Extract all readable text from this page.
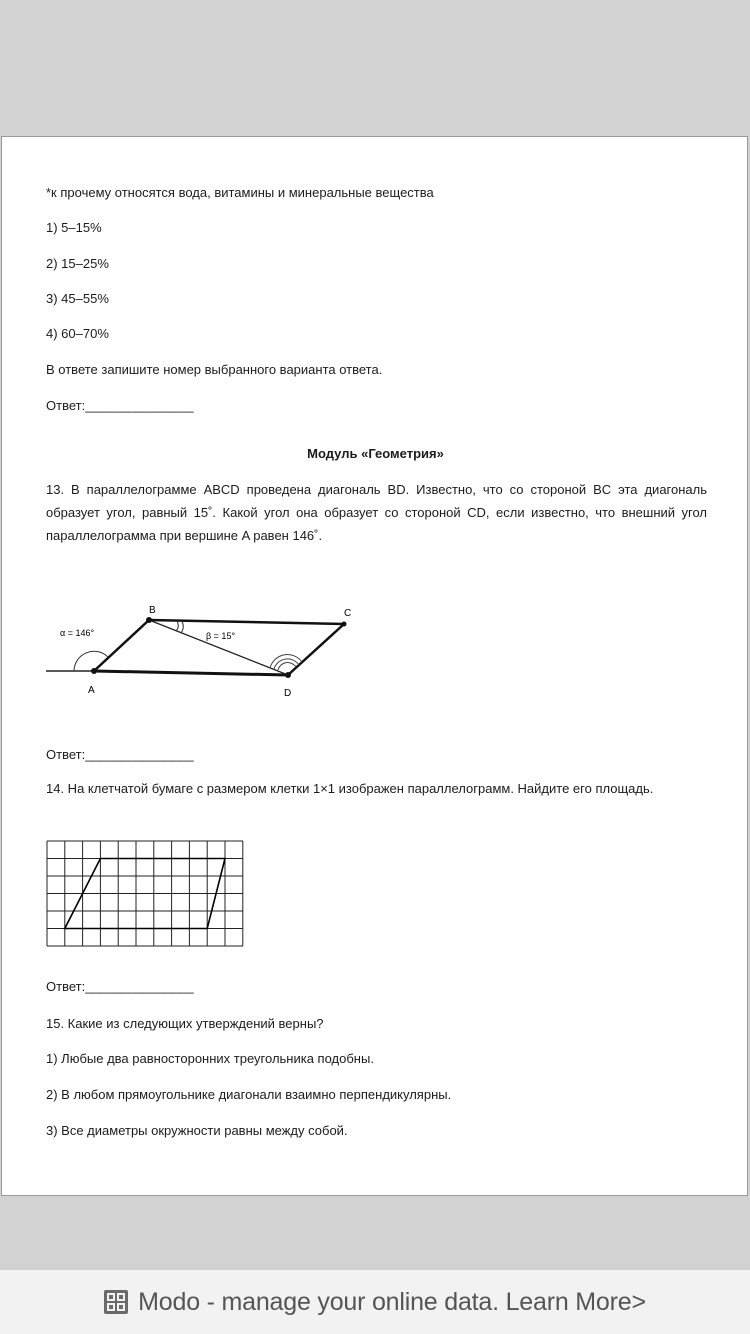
*к прочему относятся вода, витамины и минеральные вещества
1) 5–15%
2) 15–25%
3) 45–55%
4) 60–70%
В ответе запишите номер выбранного варианта ответа.
Ответ:_______________
Модуль «Геометрия»
13. В параллелограмме ABCD проведена диагональ BD. Известно, что со стороной BC эта диагональ образует угол, равный 15˚. Какой угол она образует со стороной CD, если известно, что внешний угол параллелограмма при вершине A равен 146˚.
A
B	C
D
α = 146°	β = 15°
Ответ:_______________
14. На клетчатой бумаге с размером клетки 1×1 изображен параллелограмм. Найдите его площадь.
Ответ:_______________
15. Какие из следующих утверждений верны?
1) Любые два равносторонних треугольника подобны.
2) В любом прямоугольнике диагонали взаимно перпендикулярны.
3) Все диаметры окружности равны между собой.
Modo - manage your online data. Learn More>
